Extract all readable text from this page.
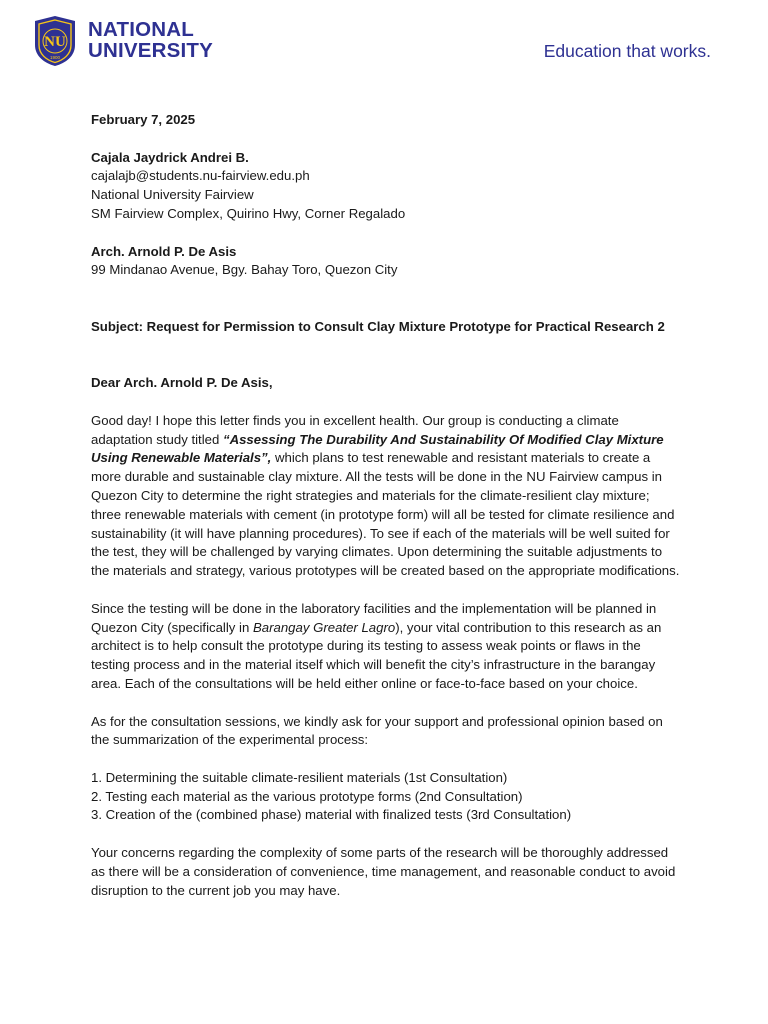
NU
1900
NATIONAL
UNIVERSITY	Education that works.

February 7, 2025

Cajala Jaydrick Andrei B.

cajalajb@students.nu-fairview.edu.ph

National University Fairview

SM Fairview Complex, Quirino Hwy, Corner Regalado

Arch. Arnold P. De Asis

99 Mindanao Avenue, Bgy. Bahay Toro, Quezon City

Subject: Request for Permission to Consult Clay Mixture Prototype for Practical Research 2

Dear Arch. Arnold P. De Asis,

Good day! I hope this letter finds you in excellent health. Our group is conducting a climate adaptation study titled “Assessing The Durability And Sustainability Of Modified Clay Mixture Using Renewable Materials”, which plans to test renewable and resistant materials to create a more durable and sustainable clay mixture. All the tests will be done in the NU Fairview campus in Quezon City to determine the right strategies and materials for the climate-resilient clay mixture; three renewable materials with cement (in prototype form) will all be tested for climate resilience and sustainability (it will have planning procedures). To see if each of the materials will be well suited for the test, they will be challenged by varying climates. Upon determining the suitable adjustments to the materials and strategy, various prototypes will be created based on the appropriate modifications.

Since the testing will be done in the laboratory facilities and the implementation will be planned in Quezon City (specifically in Barangay Greater Lagro), your vital contribution to this research as an architect is to help consult the prototype during its testing to assess weak points or flaws in the testing process and in the material itself which will benefit the city’s infrastructure in the barangay area. Each of the consultations will be held either online or face-to-face based on your choice.

As for the consultation sessions, we kindly ask for your support and professional opinion based on the summarization of the experimental process:

1. Determining the suitable climate-resilient materials (1st Consultation)
2. Testing each material as the various prototype forms (2nd Consultation)
3. Creation of the (combined phase) material with finalized tests (3rd Consultation)

Your concerns regarding the complexity of some parts of the research will be thoroughly addressed as there will be a consideration of convenience, time management, and reasonable conduct to avoid disruption to the current job you may have.
